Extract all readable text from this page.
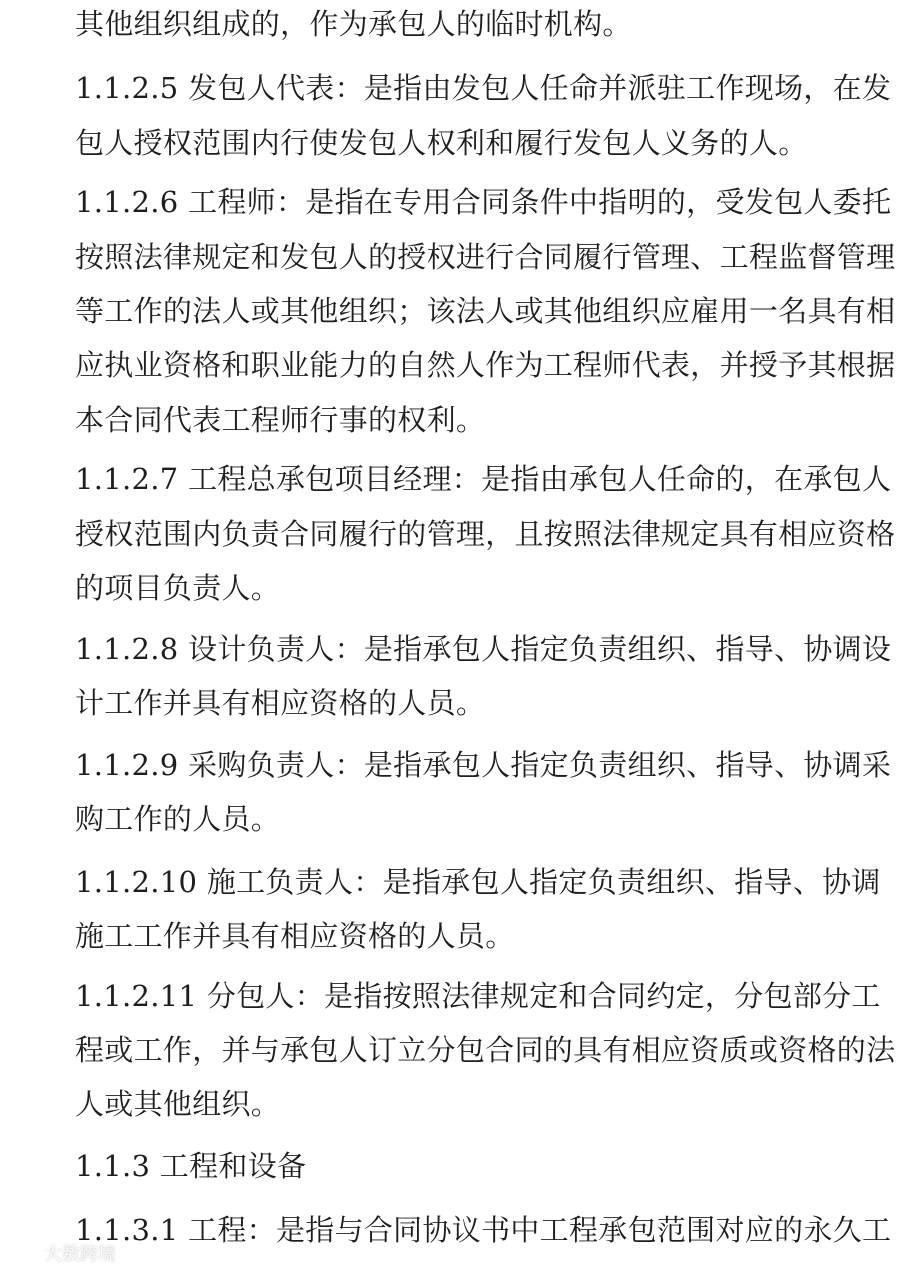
其他组织组成的，作为承包人的临时机构。
1.1.2.5 发包人代表：是指由发包人任命并派驻工作现场，在发
包人授权范围内行使发包人权利和履行发包人义务的人。
1.1.2.6 工程师：是指在专用合同条件中指明的，受发包人委托
按照法律规定和发包人的授权进行合同履行管理、工程监督管理
等工作的法人或其他组织；该法人或其他组织应雇用一名具有相
应执业资格和职业能力的自然人作为工程师代表，并授予其根据
本合同代表工程师行事的权利。
1.1.2.7 工程总承包项目经理：是指由承包人任命的，在承包人
授权范围内负责合同履行的管理，且按照法律规定具有相应资格
的项目负责人。
1.1.2.8 设计负责人：是指承包人指定负责组织、指导、协调设
计工作并具有相应资格的人员。
1.1.2.9 采购负责人：是指承包人指定负责组织、指导、协调采
购工作的人员。
1.1.2.10 施工负责人：是指承包人指定负责组织、指导、协调
施工工作并具有相应资格的人员。
1.1.2.11 分包人：是指按照法律规定和合同约定，分包部分工
程或工作，并与承包人订立分包合同的具有相应资质或资格的法
人或其他组织。
1.1.3 工程和设备
1.1.3.1 工程：是指与合同协议书中工程承包范围对应的永久工
大数跨境
